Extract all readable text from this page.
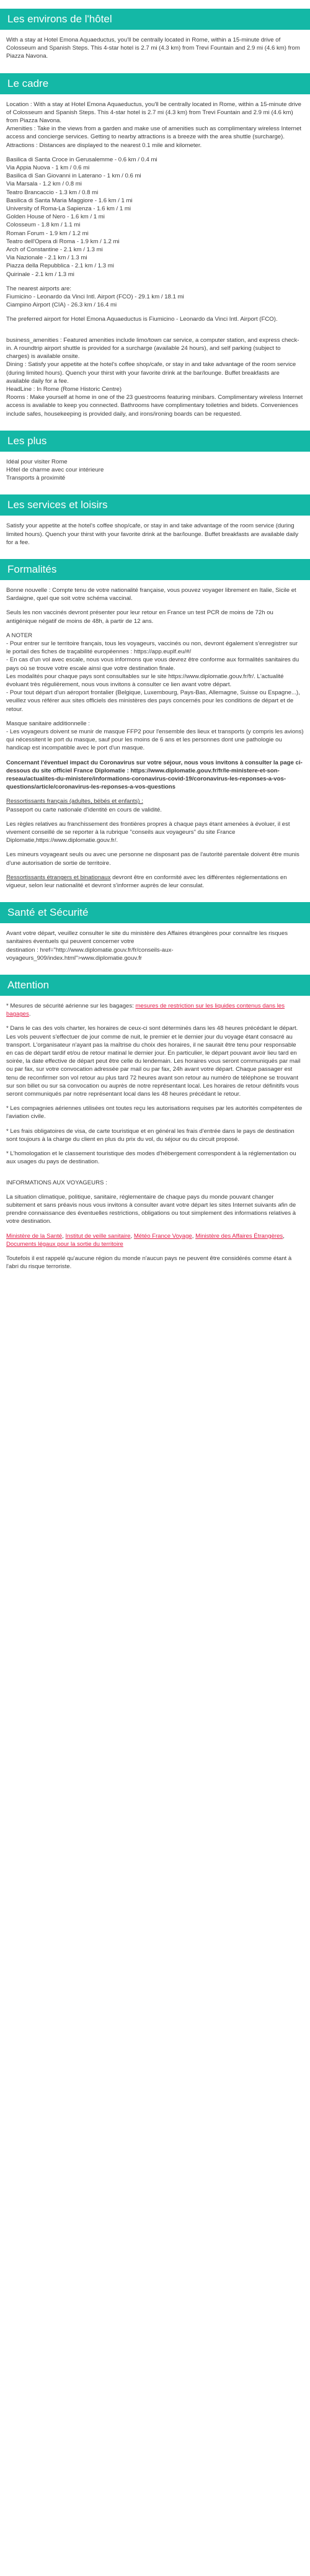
Les environs de l'hôtel

With a stay at Hotel Emona Aquaeductus, you'll be centrally located in Rome, within a 15-minute drive of Colosseum and Spanish Steps. This 4-star hotel is 2.7 mi (4.3 km) from Trevi Fountain and 2.9 mi (4.6 km) from Piazza Navona.

Le cadre
Location : With a stay at Hotel Emona Aquaeductus, you'll be centrally located in Rome, within a 15-minute drive of Colosseum and Spanish Steps. This 4-star hotel is 2.7 mi (4.3 km) from Trevi Fountain and 2.9 mi (4.6 km) from Piazza Navona.
Amenities : Take in the views from a garden and make use of amenities such as complimentary wireless Internet access and concierge services. Getting to nearby attractions is a breeze with the area shuttle (surcharge).
Attractions : Distances are displayed to the nearest 0.1 mile and kilometer.
Basilica di Santa Croce in Gerusalemme - 0.6 km / 0.4 mi
Via Appia Nuova - 1 km / 0.6 mi
Basilica di San Giovanni in Laterano - 1 km / 0.6 mi
Via Marsala - 1.2 km / 0.8 mi
Teatro Brancaccio - 1.3 km / 0.8 mi
Basilica di Santa Maria Maggiore - 1.6 km / 1 mi
University of Roma-La Sapienza - 1.6 km / 1 mi
Golden House of Nero - 1.6 km / 1 mi
Colosseum - 1.8 km / 1.1 mi
Roman Forum - 1.9 km / 1.2 mi
Teatro dell'Opera di Roma - 1.9 km / 1.2 mi
Arch of Constantine - 2.1 km / 1.3 mi
Via Nazionale - 2.1 km / 1.3 mi
Piazza della Repubblica - 2.1 km / 1.3 mi
Quirinale - 2.1 km / 1.3 mi
The nearest airports are:
Fiumicino - Leonardo da Vinci Intl. Airport (FCO) - 29.1 km / 18.1 mi
Ciampino Airport (CIA) - 26.3 km / 16.4 mi
The preferred airport for Hotel Emona Aquaeductus is Fiumicino - Leonardo da Vinci Intl. Airport (FCO).
business_amenities : Featured amenities include limo/town car service, a computer station, and express check-in. A roundtrip airport shuttle is provided for a surcharge (available 24 hours), and self parking (subject to charges) is available onsite.
Dining : Satisfy your appetite at the hotel's coffee shop/cafe, or stay in and take advantage of the room service (during limited hours). Quench your thirst with your favorite drink at the bar/lounge. Buffet breakfasts are available daily for a fee.
HeadLine : In Rome (Rome Historic Centre)
Rooms : Make yourself at home in one of the 23 guestrooms featuring minibars. Complimentary wireless Internet access is available to keep you connected. Bathrooms have complimentary toiletries and bidets. Conveniences include safes, housekeeping is provided daily, and irons/ironing boards can be requested.
Les plus
Idéal pour visiter Rome
Hôtel de charme avec cour intérieure
Transports à proximité
Les services et loisirs

Satisfy your appetite at the hotel's coffee shop/cafe, or stay in and take advantage of the room service (during limited hours). Quench your thirst with your favorite drink at the bar/lounge. Buffet breakfasts are available daily for a fee.

Formalités

Bonne nouvelle : Compte tenu de votre nationalité française, vous pouvez voyager librement en Italie, Sicile et Sardaigne, quel que soit votre schéma vaccinal.

Seuls les non vaccinés devront présenter pour leur retour en France un test PCR de moins de 72h ou antigénique négatif de moins de 48h, à partir de 12 ans.

A NOTER
- Pour entrer sur le territoire français, tous les voyageurs, vaccinés ou non, devront également s'enregistrer sur le portail des fiches de traçabilité européennes : https://app.euplf.eu/#/
- En cas d'un vol avec escale, nous vous informons que vous devrez être conforme aux formalités sanitaires du pays où se trouve votre escale ainsi que votre destination finale.
Les modalités pour chaque pays sont consultables sur le site https://www.diplomatie.gouv.fr/fr/. L'actualité évoluant très régulièrement, nous vous invitons à consulter ce lien avant votre départ.
- Pour tout départ d'un aéroport frontalier (Belgique, Luxembourg, Pays-Bas, Allemagne, Suisse ou Espagne...), veuillez vous référer aux sites officiels des ministères des pays concernés pour les conditions de départ et de retour.
Masque sanitaire additionnelle :
- Les voyageurs doivent se munir de masque FFP2 pour l'ensemble des lieux et transports (y compris les avions) qui nécessitent le port du masque, sauf pour les moins de 6 ans et les personnes dont une pathologie ou handicap est incompatible avec le port d'un masque.

Concernant l'éventuel impact du Coronavirus sur votre séjour, nous vous invitons à consulter la page ci-dessous du site officiel France Diplomatie : https://www.diplomatie.gouv.fr/fr/le-ministere-et-son-reseau/actualites-du-ministere/informations-coronavirus-covid-19/coronavirus-les-reponses-a-vos-questions/article/coronavirus-les-reponses-a-vos-questions

Ressortissants français (adultes, bébés et enfants) :
Passeport ou carte nationale d'identité en cours de validité.

Les règles relatives au franchissement des frontières propres à chaque pays étant amenées à évoluer, il est vivement conseillé de se reporter à la rubrique "conseils aux voyageurs" du site France Diplomatie,https://www.diplomatie.gouv.fr/.

Les mineurs voyageant seuls ou avec une personne ne disposant pas de l'autorité parentale doivent être munis d'une autorisation de sortie de territoire.

Ressortissants étrangers et binationaux devront être en conformité avec les différentes réglementations en vigueur, selon leur nationalité et devront s'informer auprès de leur consulat.

Santé et Sécurité
Avant votre départ, veuillez consulter le site du ministère des Affaires étrangères pour connaître les risques sanitaires éventuels qui peuvent concerner votre
destination : href="http://www.diplomatie.gouv.fr/fr/conseils-aux-voyageurs_909/index.html">www.diplomatie.gouv.fr
Attention

* Mesures de sécurité aérienne sur les bagages: mesures de restriction sur les liquides contenus dans les bagages.

* Dans le cas des vols charter, les horaires de ceux-ci sont déterminés dans les 48 heures précédant le départ. Les vols peuvent s'effectuer de jour comme de nuit, le premier et le dernier jour du voyage étant consacré au transport. L'organisateur n'ayant pas la maîtrise du choix des horaires, il ne saurait être tenu pour responsable en cas de départ tardif et/ou de retour matinal le dernier jour. En particulier, le départ pouvant avoir lieu tard en soirée, la date effective de départ peut être celle du lendemain. Les horaires vous seront communiqués par mail ou par fax, sur votre convocation adressée par mail ou par fax, 24h avant votre départ. Chaque passager est tenu de reconfirmer son vol retour au plus tard 72 heures avant son retour au numéro de téléphone se trouvant sur son billet ou sur sa convocation ou auprès de notre représentant local. Les horaires de retour définitifs vous seront communiqués par notre représentant local dans les 48 heures précédant le retour.

* Les compagnies aériennes utilisées ont toutes reçu les autorisations requises par les autorités compétentes de l'aviation civile.

* Les frais obligatoires de visa, de carte touristique et en général les frais d'entrée dans le pays de destination sont toujours à la charge du client en plus du prix du vol, du séjour ou du circuit proposé.

* L'homologation et le classement touristique des modes d'hébergement correspondent à la réglementation ou aux usages du pays de destination.

INFORMATIONS AUX VOYAGEURS :

La situation climatique, politique, sanitaire, réglementaire de chaque pays du monde pouvant changer subitement et sans préavis nous vous invitons à consulter avant votre départ les sites Internet suivants afin de prendre connaissance des éventuelles restrictions, obligations ou tout simplement des informations relatives à votre destination.

Ministère de la Santé, Institut de veille sanitaire, Météo France Voyage, Ministère des Affaires Étrangères, Documents légaux pour la sortie du territoire

Toutefois il est rappelé qu'aucune région du monde n'aucun pays ne peuvent être considérés comme étant à l'abri du risque terroriste.
